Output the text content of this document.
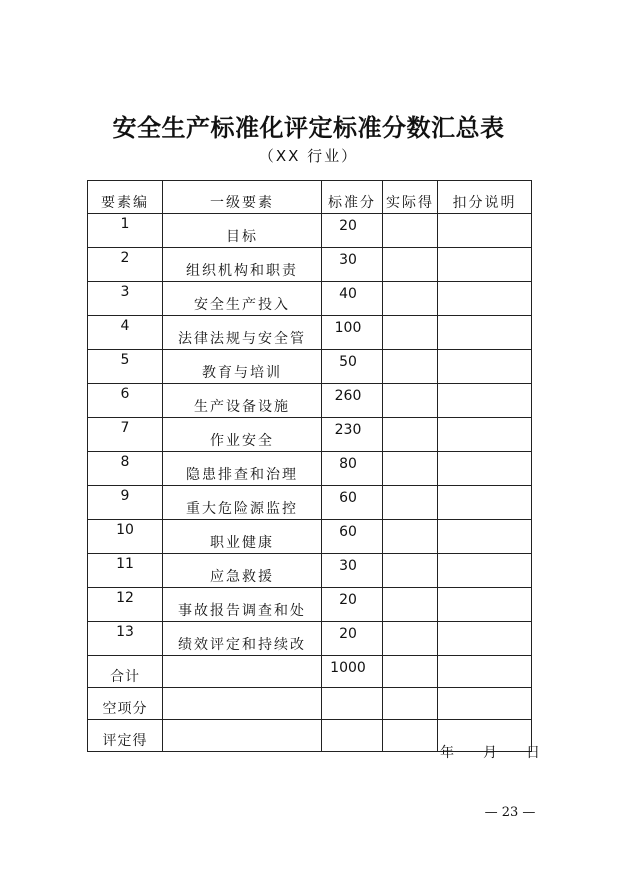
安全生产标准化评定标准分数汇总表
（XX 行业）
要素编	一级要素	标准分	实际得	扣分说明

1	目标	20		

2	组织机构和职责	30		

3	安全生产投入	40		

4	法律法规与安全管	100		

5	教育与培训	50		

6	生产设备设施	260		

7	作业安全	230		

8	隐患排查和治理	80		

9	重大危险源监控	60		

10	职业健康	60		

11	应急救援	30		

12	事故报告调查和处	20		

13	绩效评定和持续改	20		

合计		1000		

空项分				

评定得				

年 月 日
— 23 —
